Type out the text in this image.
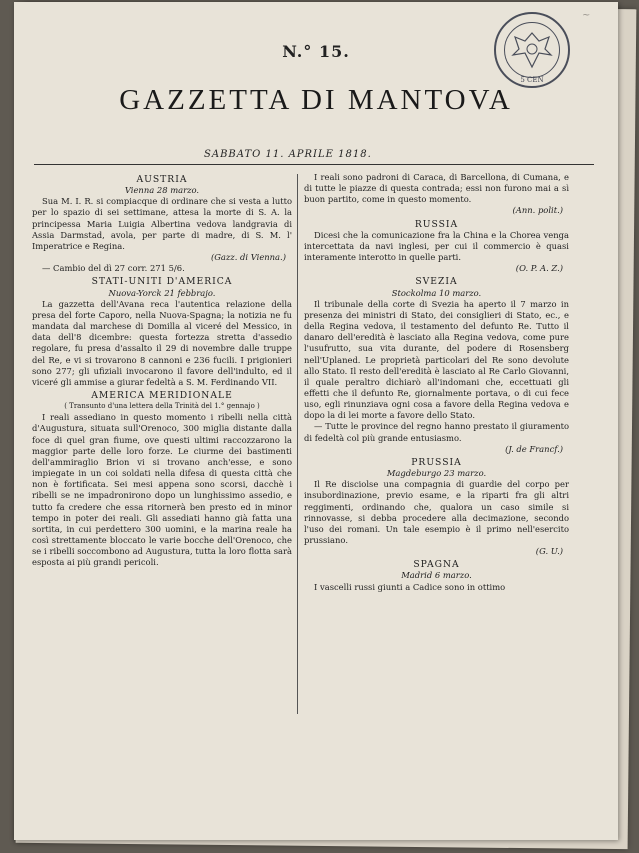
~
5 CEN
N.° 15.
GAZZETTA DI MANTOVA
SABBATO 11. APRILE 1818.
AUSTRIA
Vienna 28 marzo.

Sua M. I. R. si compiacque di ordinare che si vesta a lutto per lo spazio di sei settimane, attesa la morte di S. A. la principessa Maria Luigia Albertina vedova landgravia di Assia Darmstad, avola, per parte di madre, di S. M. l' Imperatrice e Regina.

(Gazz. di Vienna.)

— Cambio del dì 27 corr. 271 5/6.

STATI-UNITI D'AMERICA
Nuova-Yorck 21 febbrajo.

La gazzetta dell'Avana reca l'autentica relazione della presa del forte Caporo, nella Nuova-Spagna; la notizia ne fu mandata dal marchese di Domilla al viceré del Messico, in data dell'8 dicembre: questa fortezza stretta d'assedio regolare, fu presa d'assalto il 29 di novembre dalle truppe del Re, e vi si trovarono 8 cannoni e 236 fucili. I prigionieri sono 277; gli ufiziali invocarono il favore dell'indulto, ed il viceré gli ammise a giurar fedeltà a S. M. Ferdinando VII.

AMERICA MERIDIONALE
( Transunto d'una lettera della Trinità del 1.° gennajo )

I reali assediano in questo momento i ribelli nella città d'Augustura, situata sull'Orenoco, 300 miglia distante dalla foce di quel gran fiume, ove questi ultimi raccozzarono la maggior parte delle loro forze. Le ciurme dei bastimenti dell'ammiraglio Brion vi si trovano anch'esse, e sono impiegate in un coi soldati nella difesa di questa città che non è fortificata. Sei mesi appena sono scorsi, dacchè i ribelli se ne impadronirono dopo un lunghissimo assedio, e tutto fa credere che essa ritornerà ben presto ed in minor tempo in poter dei reali. Gli assediati hanno già fatta una sortita, in cui perdettero 300 uomini, e la marina reale ha così strettamente bloccato le varie bocche dell'Orenoco, che se i ribelli soccombono ad Augustura, tutta la loro flotta sarà esposta ai più grandi pericoli.

I reali sono padroni di Caraca, di Barcellona, di Cumana, e di tutte le piazze di questa contrada; essi non furono mai a sì buon partito, come in questo momento.

(Ann. polit.)
RUSSIA

Dicesi che la comunicazione fra la China e la Chorea venga intercettata da navi inglesi, per cui il commercio è quasi interamente interotto in quelle parti.

(O. P. A. Z.)
SVEZIA
Stockolma 10 marzo.

Il tribunale della corte di Svezia ha aperto il 7 marzo in presenza dei ministri di Stato, dei consiglieri di Stato, ec., e della Regina vedova, il testamento del defunto Re. Tutto il danaro dell'eredità è lasciato alla Regina vedova, come pure l'usufrutto, sua vita durante, del podere di Rosensberg nell'Uplaned. Le proprietà particolari del Re sono devolute allo Stato. Il resto dell'eredità è lasciato al Re Carlo Giovanni, il quale peraltro dichiarò all'indomani che, eccettuati gli effetti che il defunto Re, giornalmente portava, o di cui fece uso, egli rinunziava ogni cosa a favore della Regina vedova e dopo la di lei morte a favore dello Stato.

— Tutte le province del regno hanno prestato il giuramento di fedeltà col più grande entusiasmo.

(J. de Francf.)
PRUSSIA
Magdeburgo 23 marzo.

Il Re disciolse una compagnia di guardie del corpo per insubordinazione, previo esame, e la riparti fra gli altri reggimenti, ordinando che, qualora un caso simile si rinnovasse, si debba procedere alla decimazione, secondo l'uso dei romani. Un tale esempio è il primo nell'esercito prussiano.

(G. U.)
SPAGNA
Madrid 6 marzo.

I vascelli russi giunti a Cadice sono in ottimo
